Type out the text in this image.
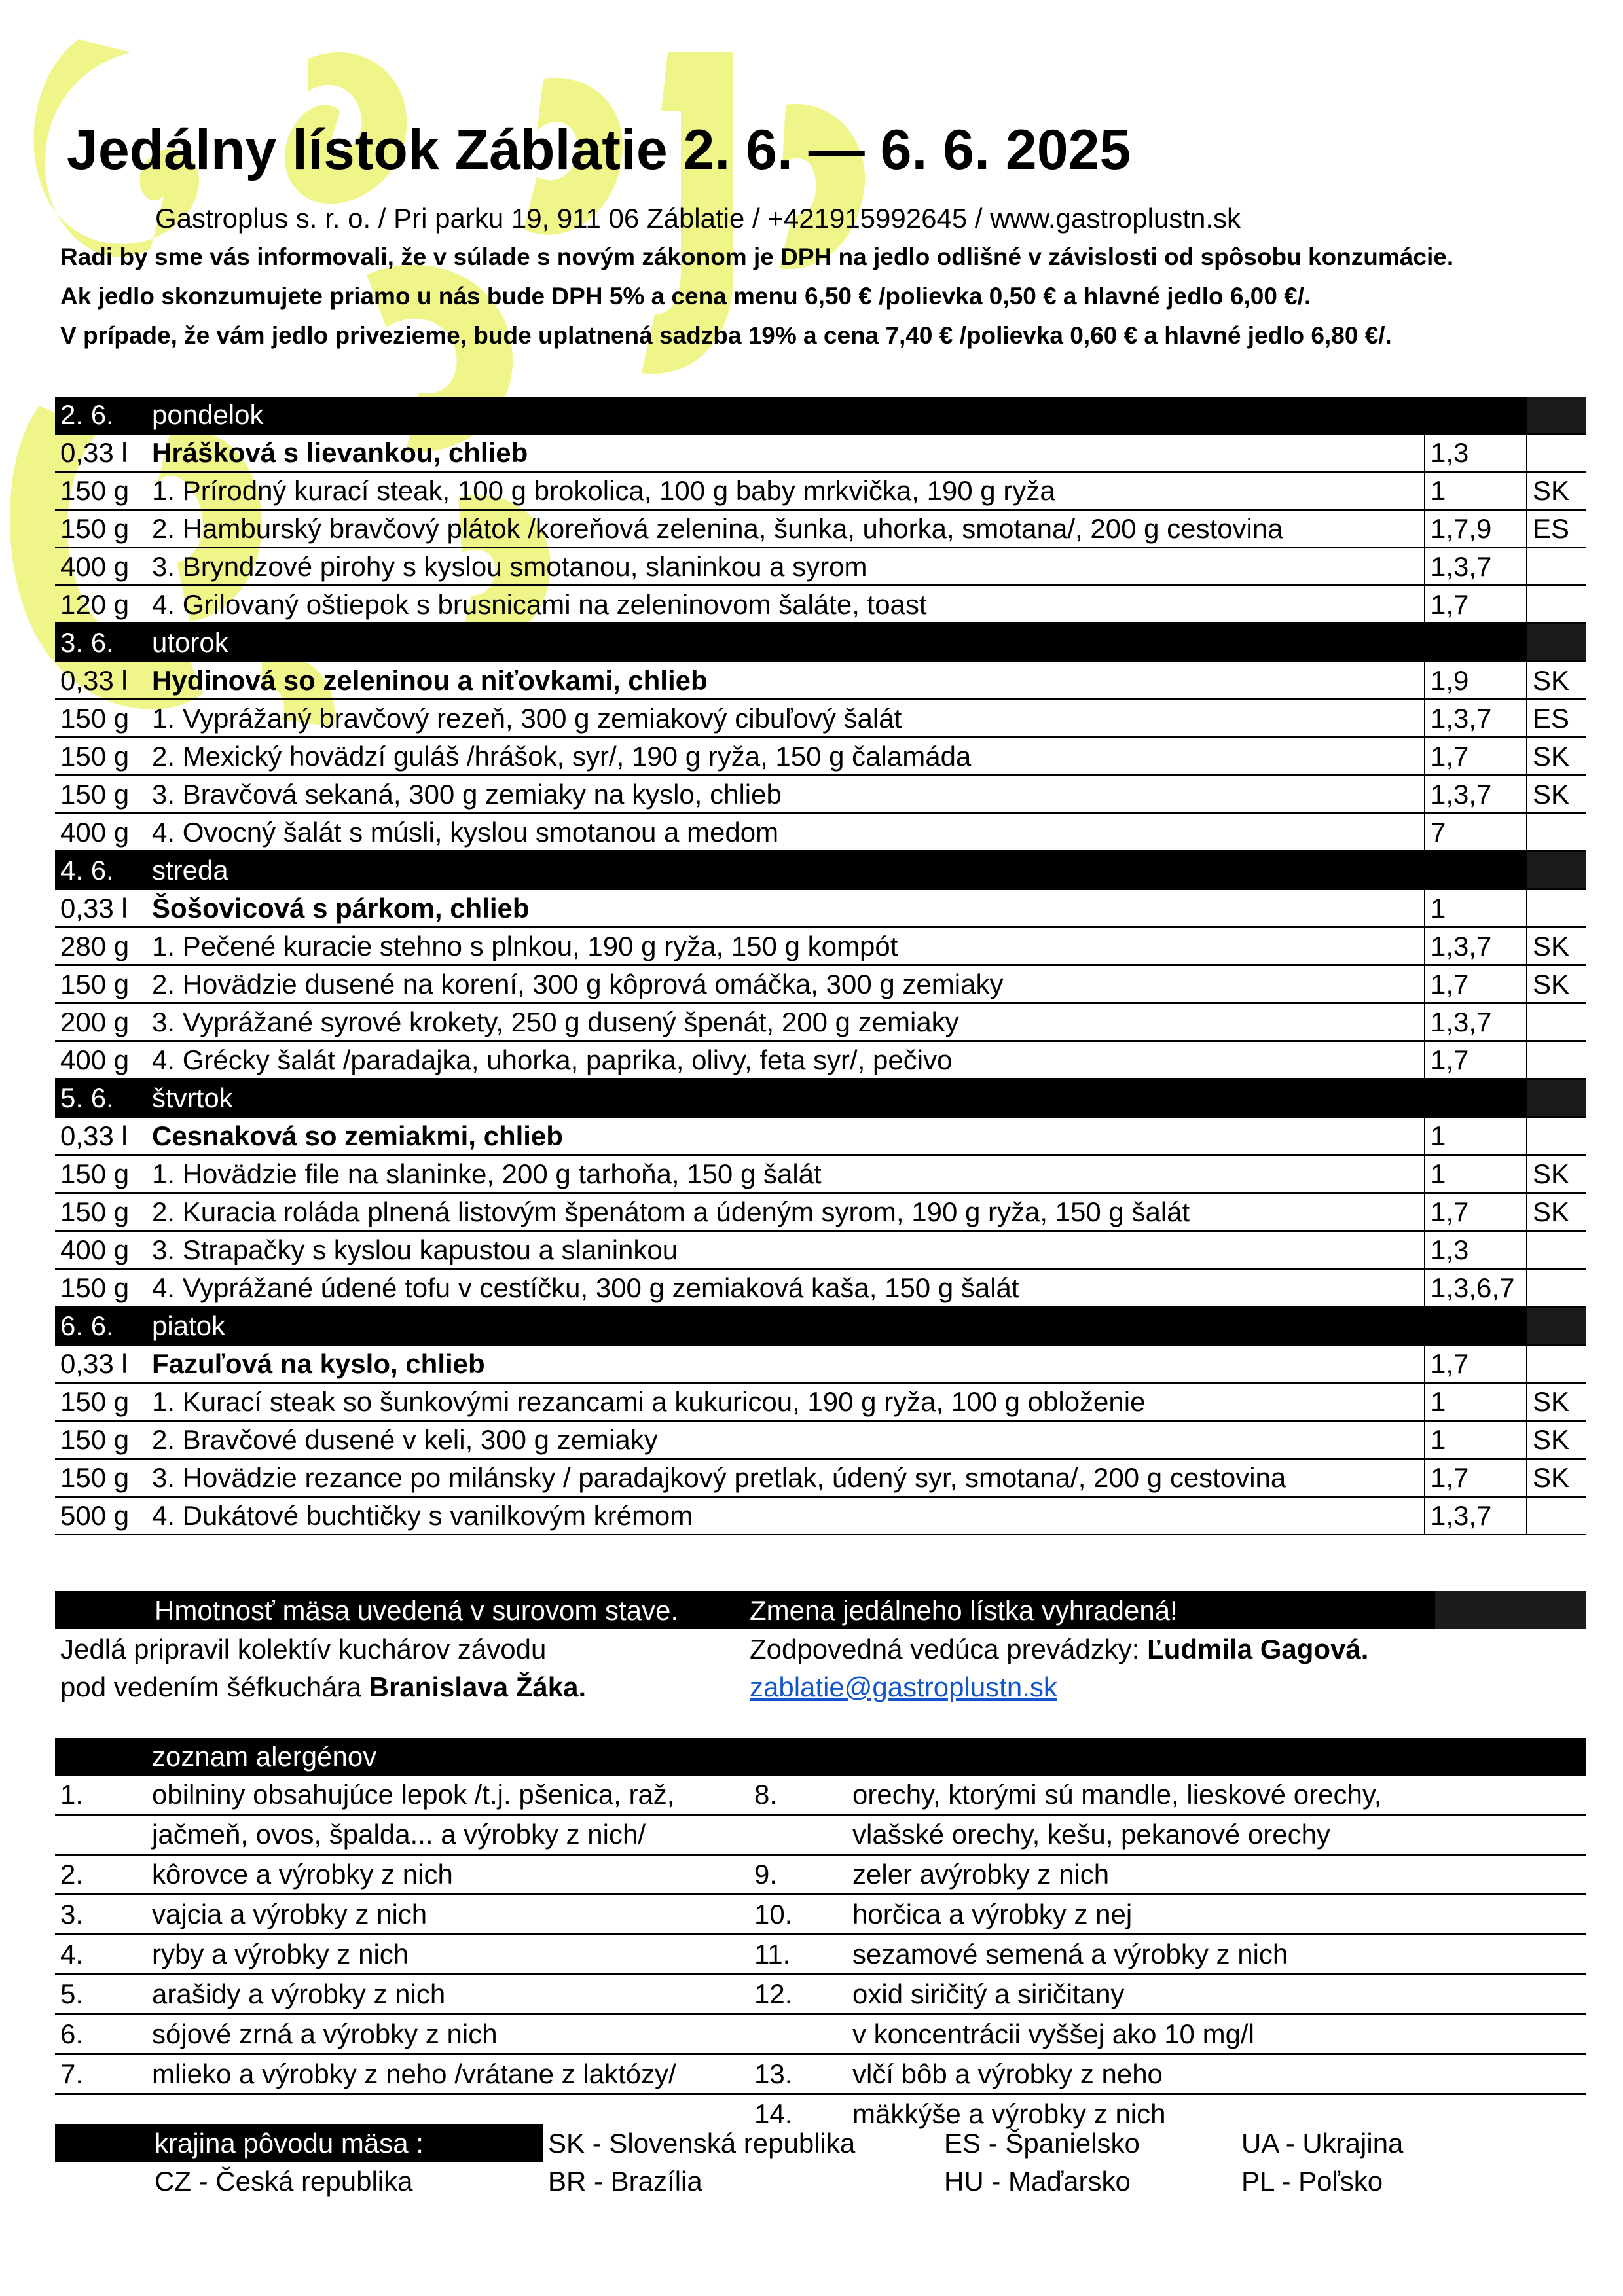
Jedálny lístok Záblatie 2. 6. — 6. 6. 2025
Gastroplus s. r. o. / Pri parku 19, 911 06 Záblatie / +421915992645 / www.gastroplustn.sk
Radi by sme vás informovali, že v súlade s novým zákonom je DPH na jedlo odlišné v závislosti od spôsobu konzumácie.
Ak jedlo skonzumujete priamo u nás bude DPH 5% a cena menu 6,50 € /polievka 0,50 € a hlavné jedlo 6,00 €/.
V prípade, že vám jedlo privezieme, bude uplatnená sadzba 19% a cena 7,40 € /polievka 0,60 € a hlavné jedlo 6,80 €/.
2. 6.	pondelok		
0,33 l	Hrášková s lievankou, chlieb	1,3	
150 g	1. Prírodný kurací steak, 100 g brokolica, 100 g baby mrkvička, 190 g ryža	1	SK
150 g	2. Hamburský bravčový plátok /koreňová zelenina, šunka, uhorka, smotana/, 200 g cestovina	1,7,9	ES
400 g	3. Bryndzové pirohy s kyslou smotanou, slaninkou a syrom	1,3,7	
120 g	4. Grilovaný oštiepok s brusnicami na zeleninovom šaláte, toast	1,7	
3. 6.	utorok		
0,33 l	Hydinová so zeleninou a niťovkami, chlieb	1,9	SK
150 g	1. Vyprážaný bravčový rezeň, 300 g zemiakový cibuľový šalát	1,3,7	ES
150 g	2. Mexický hovädzí guláš /hrášok, syr/, 190 g ryža, 150 g čalamáda	1,7	SK
150 g	3. Bravčová sekaná, 300 g zemiaky na kyslo, chlieb	1,3,7	SK
400 g	4. Ovocný šalát s músli, kyslou smotanou a medom	7	
4. 6.	streda		
0,33 l	Šošovicová s párkom, chlieb	1	
280 g	1. Pečené kuracie stehno s plnkou, 190 g ryža, 150 g kompót	1,3,7	SK
150 g	2. Hovädzie dusené na korení, 300 g kôprová omáčka, 300 g zemiaky	1,7	SK
200 g	3. Vyprážané syrové krokety, 250 g dusený špenát, 200 g zemiaky	1,3,7	
400 g	4. Grécky šalát /paradajka, uhorka, paprika, olivy, feta syr/, pečivo	1,7	
5. 6.	štvrtok		
0,33 l	Cesnaková so zemiakmi, chlieb	1	
150 g	1. Hovädzie file na slaninke, 200 g tarhoňa, 150 g šalát	1	SK
150 g	2. Kuracia roláda plnená listovým špenátom a údeným syrom, 190 g ryža, 150 g šalát	1,7	SK
400 g	3. Strapačky s kyslou kapustou a slaninkou	1,3	
150 g	4. Vyprážané údené tofu v cestíčku, 300 g zemiaková kaša, 150 g šalát	1,3,6,7	
6. 6.	piatok		
0,33 l	Fazuľová na kyslo, chlieb	1,7	
150 g	1. Kurací steak so šunkovými rezancami a kukuricou, 190 g ryža, 100 g obloženie	1	SK
150 g	2. Bravčové dusené v keli, 300 g zemiaky	1	SK
150 g	3. Hovädzie rezance po milánsky / paradajkový pretlak, údený syr, smotana/, 200 g cestovina	1,7	SK
500 g	4. Dukátové buchtičky s vanilkovým krémom	1,3,7	
Hmotnosť mäsa uvedená v surovom stave.	Zmena jedálneho lístka vyhradená!
Jedlá pripravil kolektív kuchárov závodu
pod vedením šéfkuchára Branislava Žáka.
Zodpovedná vedúca prevádzky: Ľudmila Gagová.
zablatie@gastroplustn.sk
	zoznam alergénov		
1.	obilniny obsahujúce lepok /t.j. pšenica, raž,	8.	orechy, ktorými sú mandle, lieskové orechy,
	jačmeň, ovos, špalda... a výrobky z nich/		vlašské orechy, kešu, pekanové orechy
2.	kôrovce a výrobky z nich	9.	zeler avýrobky z nich
3.	vajcia a výrobky z nich	10.	horčica a výrobky z nej
4.	ryby a výrobky z nich	11.	sezamové semená a výrobky z nich
5.	arašidy a výrobky z nich	12.	oxid siričitý a siričitany
6.	sójové zrná a výrobky z nich		v koncentrácii vyššej ako 10 mg/l
7.	mlieko a výrobky z neho /vrátane z laktózy/	13.	vlčí bôb a výrobky z neho
		14.	mäkkýše a výrobky z nich
krajina pôvodu mäsa :	SK - Slovenská republika	ES - Španielsko	UA - Ukrajina
CZ - Česká republika	BR - Brazília	HU - Maďarsko	PL - Poľsko
